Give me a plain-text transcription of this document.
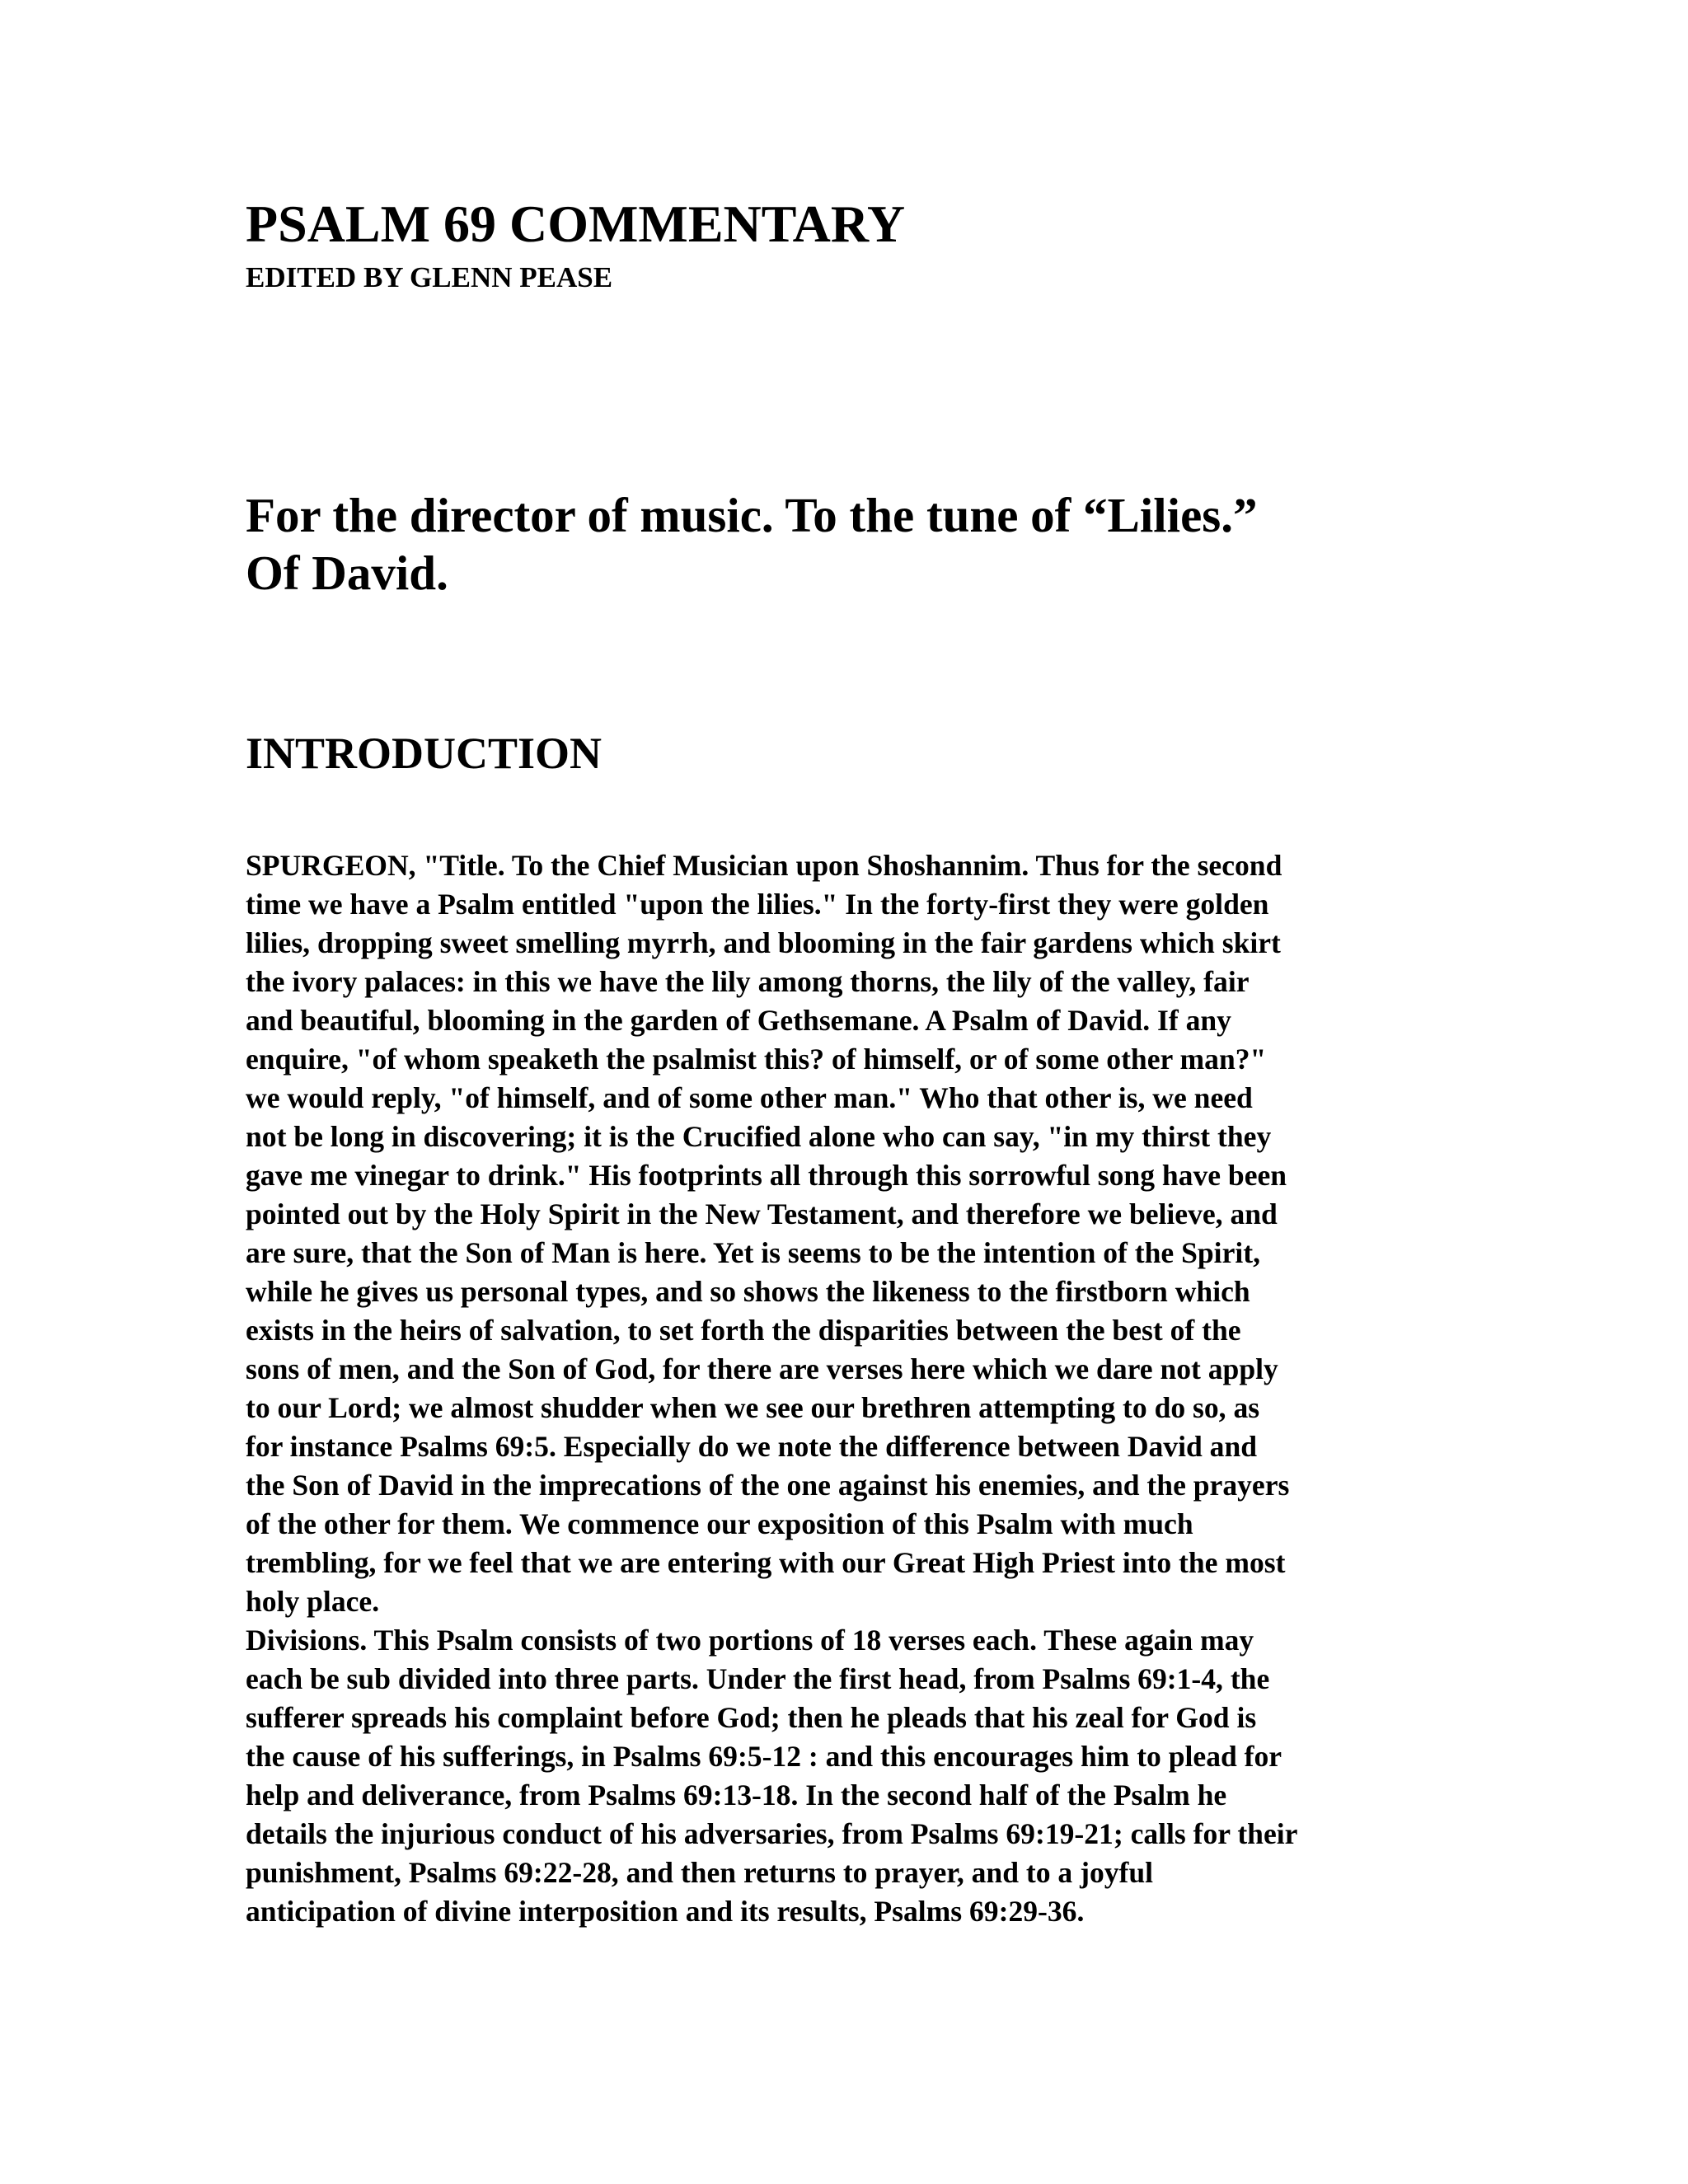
PSALM 69 COMMENTARY
EDITED BY GLENN PEASE
For the director of music. To the tune of “Lilies.”
Of David.
INTRODUCTION

SPURGEON, "Title. To the Chief Musician upon Shoshannim. Thus for the second
time we have a Psalm entitled "upon the lilies." In the forty-first they were golden
lilies, dropping sweet smelling myrrh, and blooming in the fair gardens which skirt
the ivory palaces: in this we have the lily among thorns, the lily of the valley, fair
and beautiful, blooming in the garden of Gethsemane. A Psalm of David. If any
enquire, "of whom speaketh the psalmist this? of himself, or of some other man?"
we would reply, "of himself, and of some other man." Who that other is, we need
not be long in discovering; it is the Crucified alone who can say, "in my thirst they
gave me vinegar to drink." His footprints all through this sorrowful song have been
pointed out by the Holy Spirit in the New Testament, and therefore we believe, and
are sure, that the Son of Man is here. Yet is seems to be the intention of the Spirit,
while he gives us personal types, and so shows the likeness to the firstborn which
exists in the heirs of salvation, to set forth the disparities between the best of the
sons of men, and the Son of God, for there are verses here which we dare not apply
to our Lord; we almost shudder when we see our brethren attempting to do so, as
for instance Psalms 69:5. Especially do we note the difference between David and
the Son of David in the imprecations of the one against his enemies, and the prayers
of the other for them. We commence our exposition of this Psalm with much
trembling, for we feel that we are entering with our Great High Priest into the most
holy place.

Divisions. This Psalm consists of two portions of 18 verses each. These again may
each be sub divided into three parts. Under the first head, from Psalms 69:1-4, the
sufferer spreads his complaint before God; then he pleads that his zeal for God is
the cause of his sufferings, in Psalms 69:5-12 : and this encourages him to plead for
help and deliverance, from Psalms 69:13-18. In the second half of the Psalm he
details the injurious conduct of his adversaries, from Psalms 69:19-21; calls for their
punishment, Psalms 69:22-28, and then returns to prayer, and to a joyful
anticipation of divine interposition and its results, Psalms 69:29-36.
